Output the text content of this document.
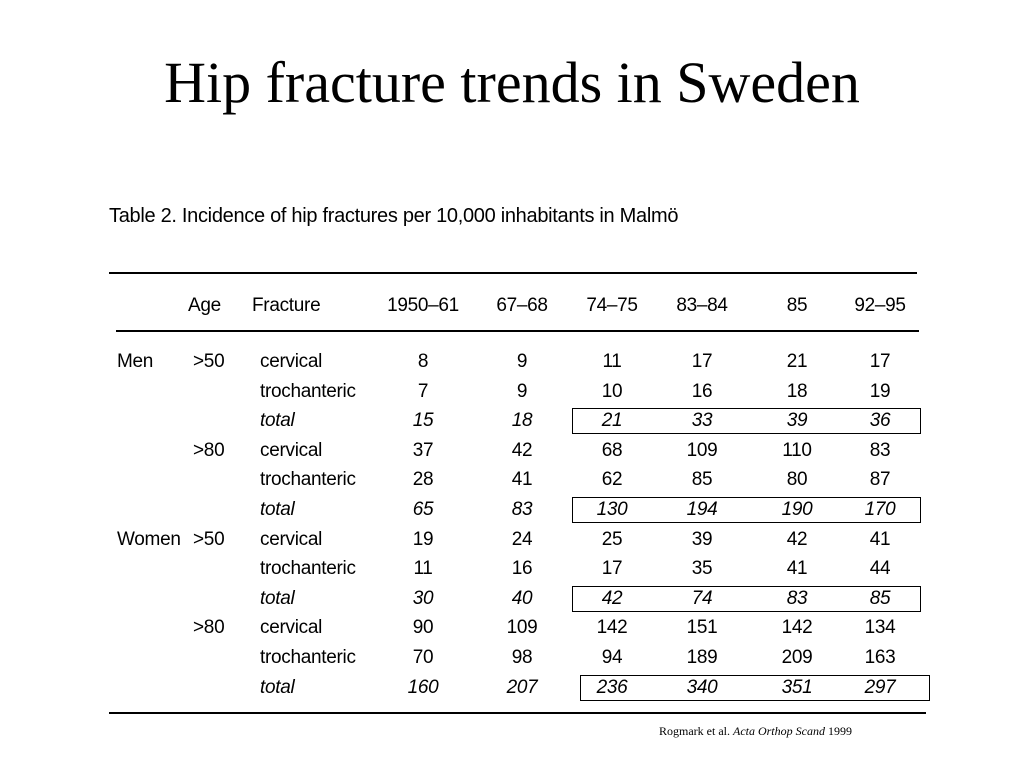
Hip fracture trends in Sweden
Table 2. Incidence of hip fractures per 10,000 inhabitants in Malmö
Age Fracture	1950–61 67–68 74–75 83–84	85 92–95
Men >50 cervical	8	9	11	17	21	17
trochanteric	7	9	10	16	18	19
total	15	18	21	33	39	36
>80 cervical	37	42	68	109	110	83
trochanteric	28	41	62	85	80	87
total	65	83	130	194	190	170
Women >50 cervical	19	24	25	39	42	41
trochanteric	11	16	17	35	41	44
total	30	40	42	74	83	85
>80 cervical	90	109	142	151	142	134
trochanteric	70	98	94	189	209	163
total	160	207	236	340	351	297
Rogmark et al. Acta Orthop Scand 1999
